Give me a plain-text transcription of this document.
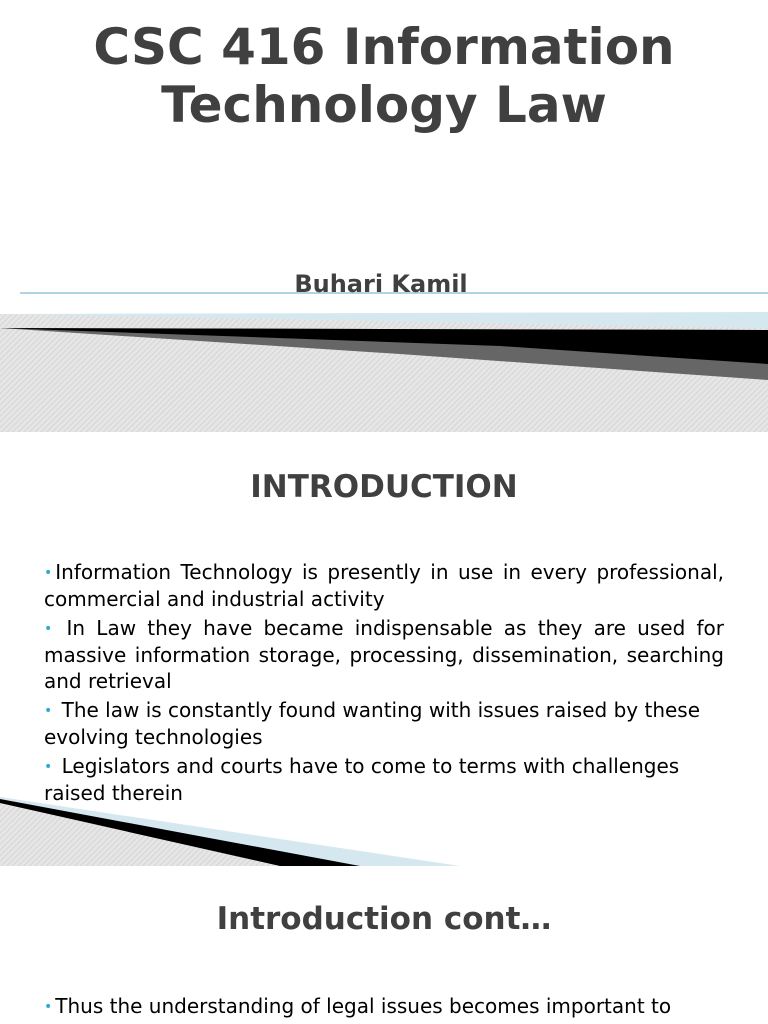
CSC 416 Information
Technology Law
Buhari Kamil
INTRODUCTION
• Information Technology is presently in use in every professional, commercial and industrial activity
• In Law they have became indispensable as they are used for massive information storage, processing, dissemination, searching and retrieval
• The law is constantly found wanting with issues raised by these evolving technologies
• Legislators and courts have to come to terms with challenges raised therein
Introduction cont…
• Thus the understanding of legal issues becomes important to
